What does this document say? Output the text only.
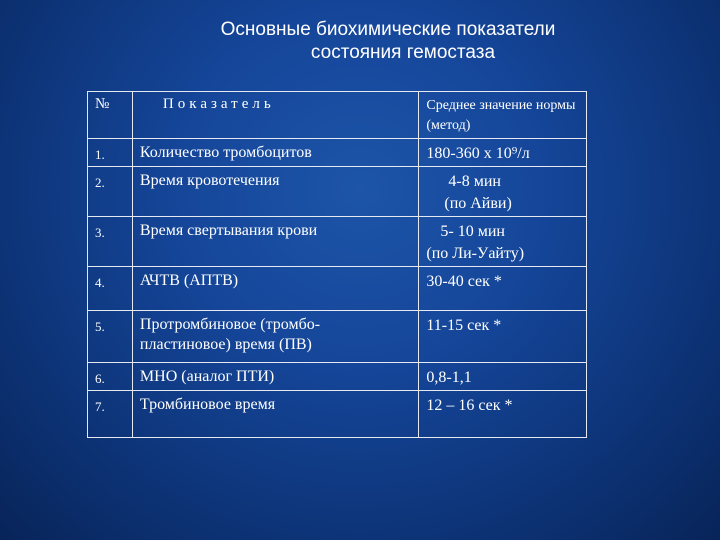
Основные биохимические показатели
состояния гемостаза
№	Показатель	Среднее значение нормы (метод)
1.	Количество тромбоцитов	180-360 х 10⁹/л
2.	Время кровотечения	4-8 мин
(по Айви)

3.	Время свертывания крови	5- 10 мин
(по Ли-Уайту)

4.	АЧТВ (АПТВ)	30-40 сек *
5.	Протромбиновое (тромбо-
пластиновое) время (ПВ)	11-15 сек *
6.	МНО (аналог ПТИ)	0,8-1,1
7.	Тромбиновое время	12 – 16 сек *
